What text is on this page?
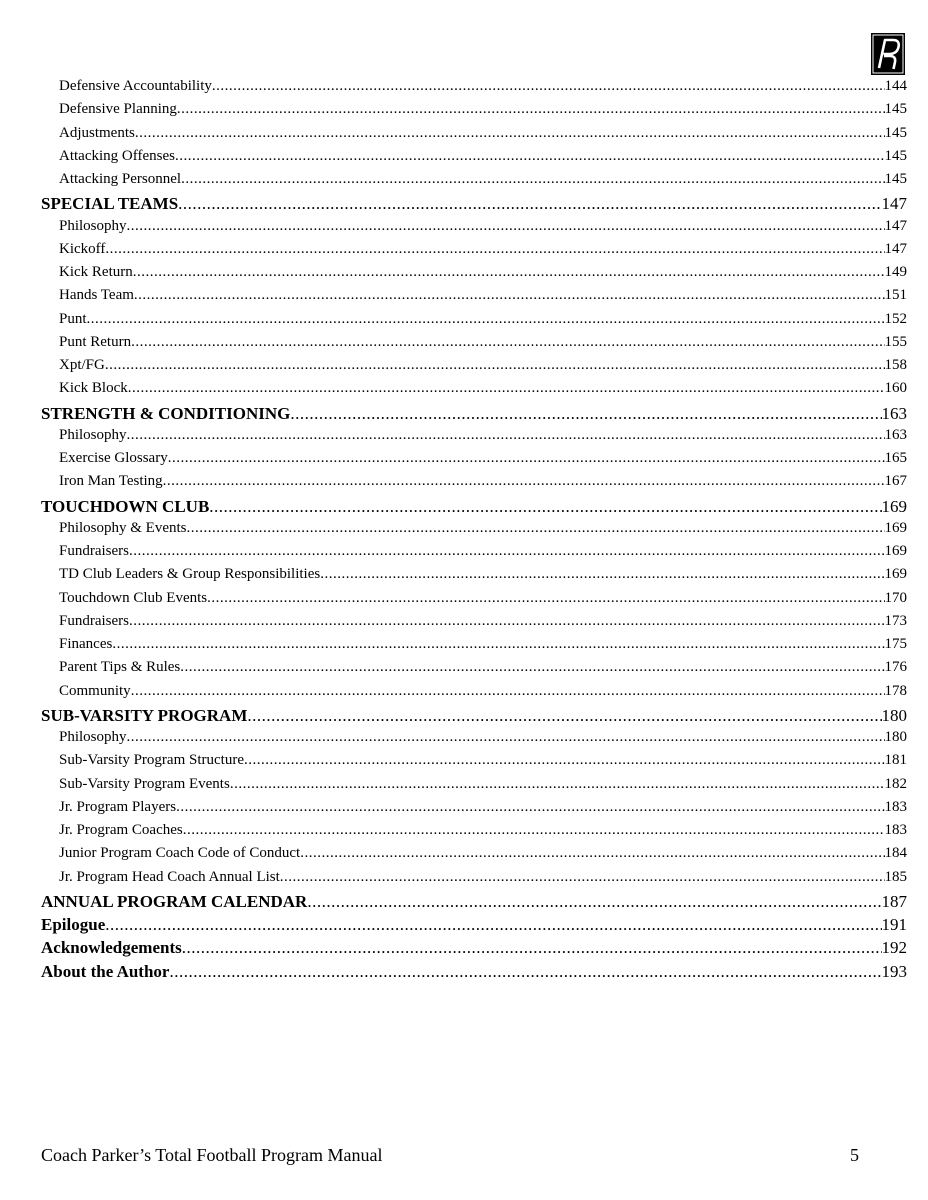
Defensive Accountability .....	144
Defensive Planning .....	145
Adjustments .....	145
Attacking Offenses .....	145
Attacking Personnel .....	145
SPECIAL TEAMS .....	147
Philosophy .....	147
Kickoff .....	147
Kick Return .....	149
Hands Team .....	151
Punt .....	152
Punt Return .....	155
Xpt/FG .....	158
Kick Block .....	160
STRENGTH & CONDITIONING .....	163
Philosophy .....	163
Exercise Glossary .....	165
Iron Man Testing .....	167
TOUCHDOWN CLUB .....	169
Philosophy & Events .....	169
Fundraisers .....	169
TD Club Leaders & Group Responsibilities .....	169
Touchdown Club Events .....	170
Fundraisers .....	173
Finances .....	175
Parent Tips & Rules .....	176
Community .....	178
SUB-VARSITY PROGRAM .....	180
Philosophy .....	180
Sub-Varsity Program Structure .....	181
Sub-Varsity Program Events .....	182
Jr. Program Players .....	183
Jr. Program Coaches .....	183
Junior Program Coach Code of Conduct .....	184
Jr. Program Head Coach Annual List .....	185
ANNUAL PROGRAM CALENDAR .....	187
Epilogue .....	191
Acknowledgements .....	192
About the Author .....	193
Coach Parker’s Total Football Program Manual	5
